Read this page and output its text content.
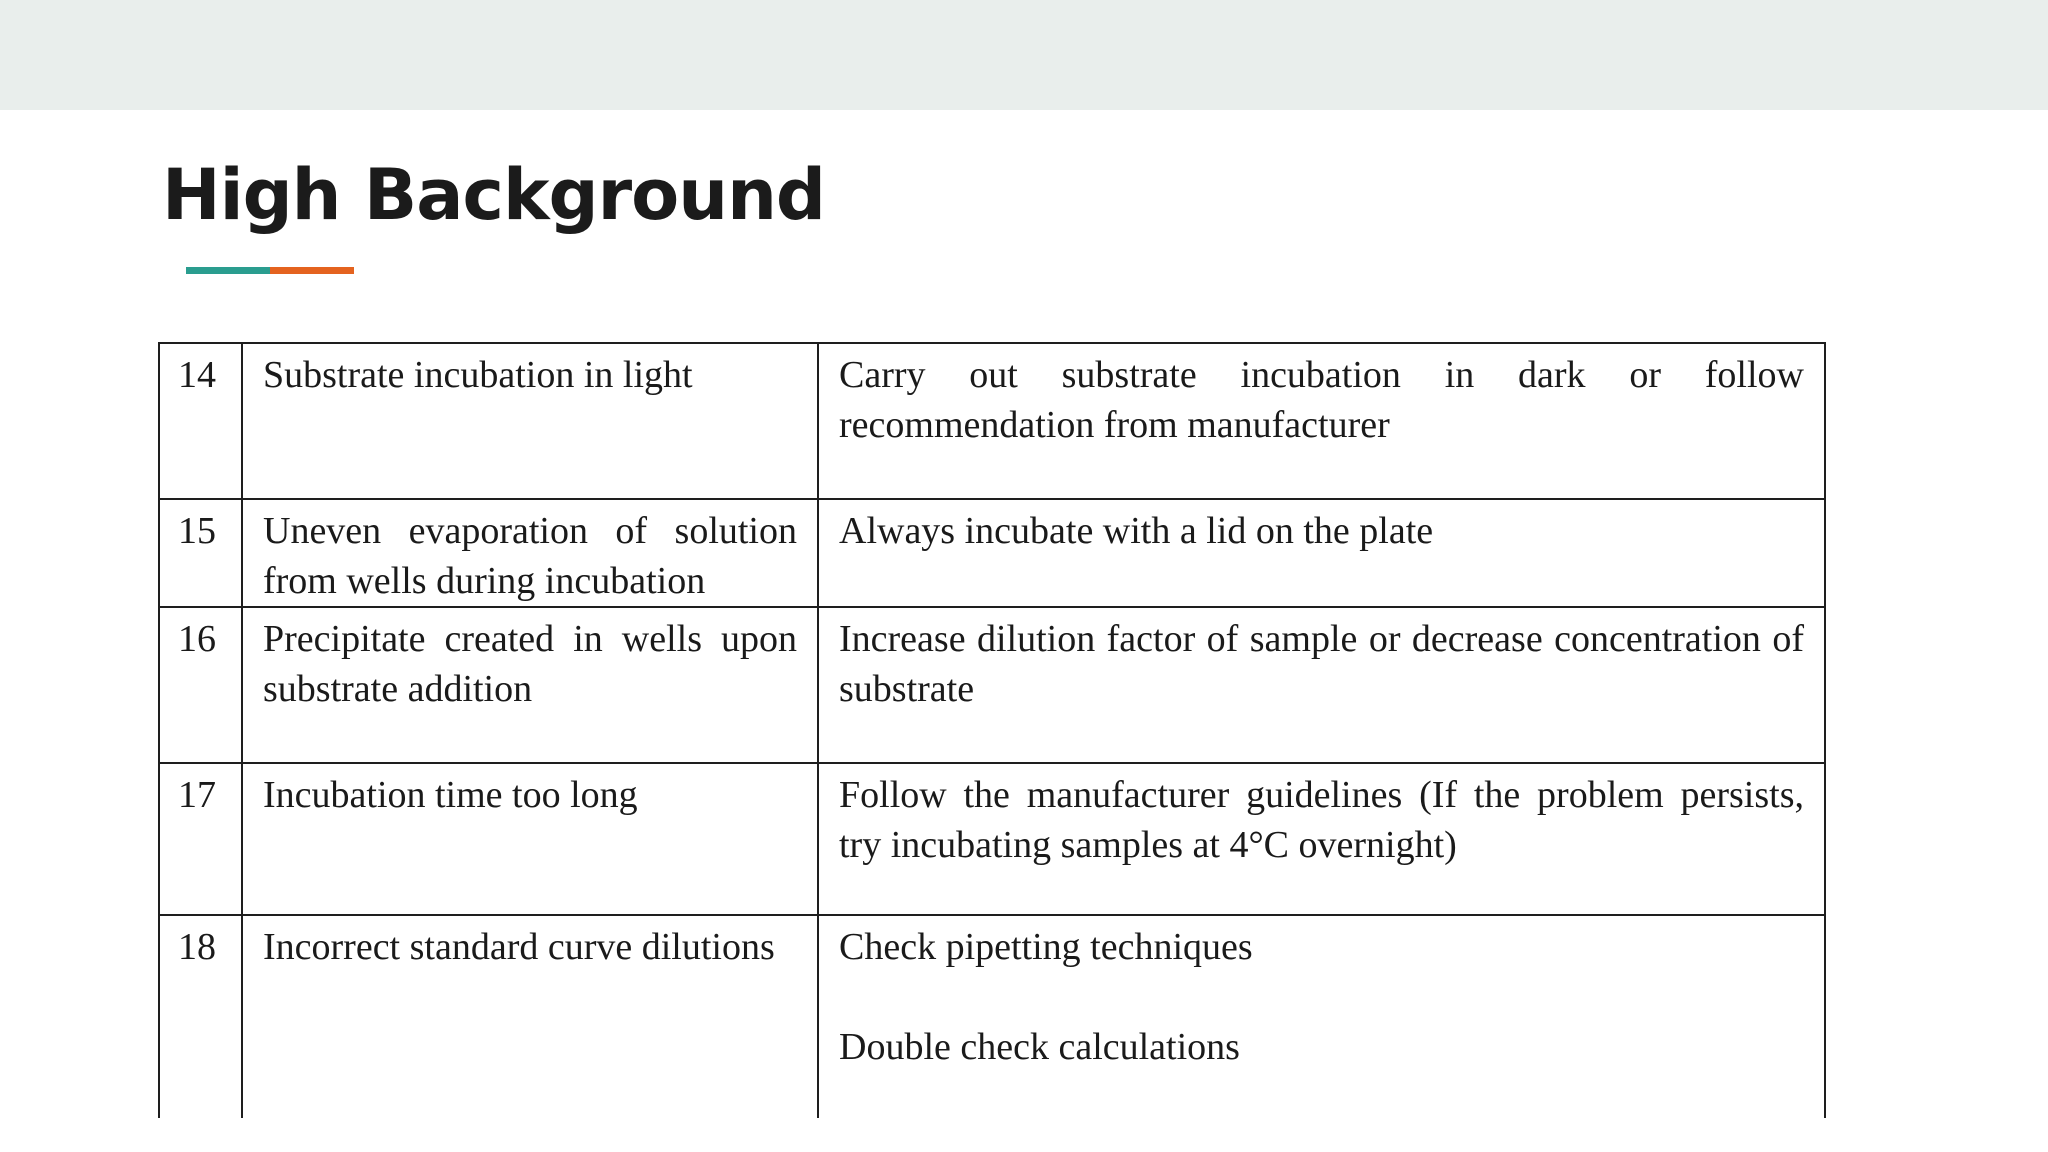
High Background
14	Substrate incubation in light	Carry out substrate incubation in dark or follow recommendation from manufacturer

15	Uneven evaporation of solution from wells during incubation	Always incubate with a lid on the plate

16	Precipitate created in wells upon substrate addition	Increase dilution factor of sample or decrease concentration of substrate

17	Incubation time too long	Follow the manufacturer guidelines (If the problem persists, try incubating samples at 4°C overnight)

18	Incorrect standard curve dilutions	Check pipetting techniques
Double check calculations
